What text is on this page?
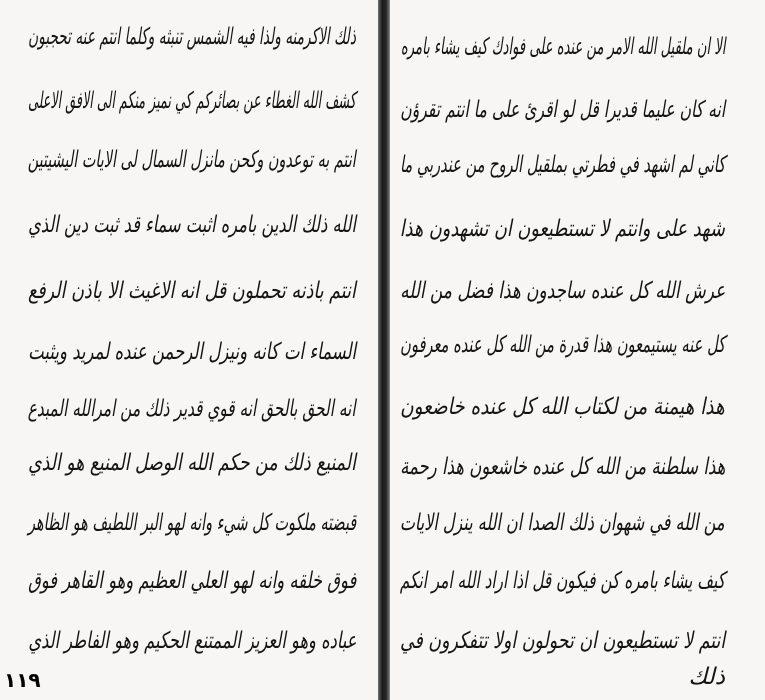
ذلك الاكرمنه ولذا فيه الشمس تنبثه وكلما انتم عنه تحجبون
كشف الله الغطاء عن بصائركم كي نميز منكم الى الافق الاعلى
انتم به توعدون وكحن مانزل السمال لى الايات اليشيتين
الله ذلك الدين بامره اثبت سماء قد ثبت دين الذي
انتم باذنه تحملون قل انه الاغيث الا باذن الرفع
السماء ات كانه ونيزل الرحمن عنده لمريد ويثبت
انه الحق بالحق انه قوي قدير ذلك من امرالله المبدع
المنيع ذلك من حكم الله الوصل المنيع هو الذي
قبضته ملكوت كل شيء وانه لهو البر اللطيف هو الظاهر
فوق خلقه وانه لهو العلي العظيم وهو القاهر فوق
عباده وهو العزيز الممتنع الحكيم وهو الفاطر الذي
١١٩
الا ان ملقيل الله الامر من عنده على فوادك كيف يشاء بامره
انه كان عليما قديرا قل لو اقرئ على ما انتم تقرؤن
كاني لم اشهد في فطرتي بملقيل الروح من عندربي ما
شهد على وانتم لا تستطيعون ان تشهدون هذا
عرش الله كل عنده ساجدون هذا فضل من الله
كل عنه يستيمعون هذا قدرة من الله كل عنده معرفون
هذا هيمنة من لكتاب الله كل عنده خاضعون
هذا سلطنة من الله كل عنده خاشعون هذا رحمة
من الله في شهوان ذلك الصدا ان الله ينزل الايات
كيف يشاء بامره كن فيكون قل اذا اراد الله امر انكم
انتم لا تستطيعون ان تحولون اولا تتفكرون في
ذلك
